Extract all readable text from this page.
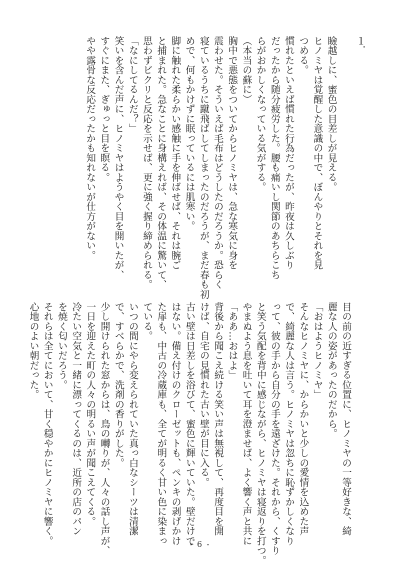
１．

瞼越しに、蜜色の目差しが見える。
ヒノミヤは覚醒した意識の中で、ぼんやりとそれを見
つめる。
慣れたといえば慣れた行為だったが、昨夜は久しぶり
だったから随分疲労した。腰も痛いし関節のあちらこち
らがおかしくなっている気がする。
（本当の蘇に）
胸中で悪態をついてからヒノミヤは、急な寒気に身を
震わせた。そういえば毛布はどうしたのだろうか。恐らく
寝ているうちに蹴飛ばしてしまったのだろうが、まだ春も初
めで、何もかけずに眠っているには肌寒い。
脚に触れた柔らかい感触に手を伸ばせば、それは腕ご
と捕まれた。急なことに身構えれば、その体温に驚いて、
思わずビクリと反応を示せば、更に強く握り締められる。
「なにしてるんだ？」
笑いを含んだ声に、ヒノミヤはようやく目を開いたが、
すぐにまた、ぎゅっと目を瞑る。
やや露骨な反応だったかも知れないが仕方がない。
目の前の近すぎる位置に、ヒノミヤの一等好きな、綺
麗な人の姿があったのだから。
「おはようヒノミヤ」
そんなヒノミヤに、からかいと少しの愛情を込めた声
で、綺麗な人は言う。ヒノミヤは忽ちに恥ずかしくなり
って、彼の手から自分の手を遠ざけた。それから、くすり
と笑う気配を背中に感じながら、ヒノミヤは寝返りを打つ。
やまぬよう息を吐いて耳を澄ませば、よく響く声と共に
「ああ…おはよ」
背後から聞こえ続ける笑い声は無視して、再度目を開
けば、自宅の見慣れた古い壁が目に入る。
古い壁は日差しを浴びて、蜜色に輝いていた。壁だけで
はない。備え付けのクローゼットも、ペンキの剥げかけ
た扉も、中古の冷蔵庫も、全てが明るく甘い色に染まっ
ている。
いつの間にやら変えられていた真っ白なシーツは清潔
で、すべらかで、洗剤の香りがした。
少し開けられた窓からは、鳥の囀りが、人々の話し声が、
一日を迎えた町の人々の明るい声が聞こえてくる。
冷たい空気と一緒に漂ってくるのは、近所の店のパン
を焼く匂いだろう。
それらは全てにおいて、甘く穏やかにヒノミヤに響く。
心地のよい朝だった。
- 6 -
